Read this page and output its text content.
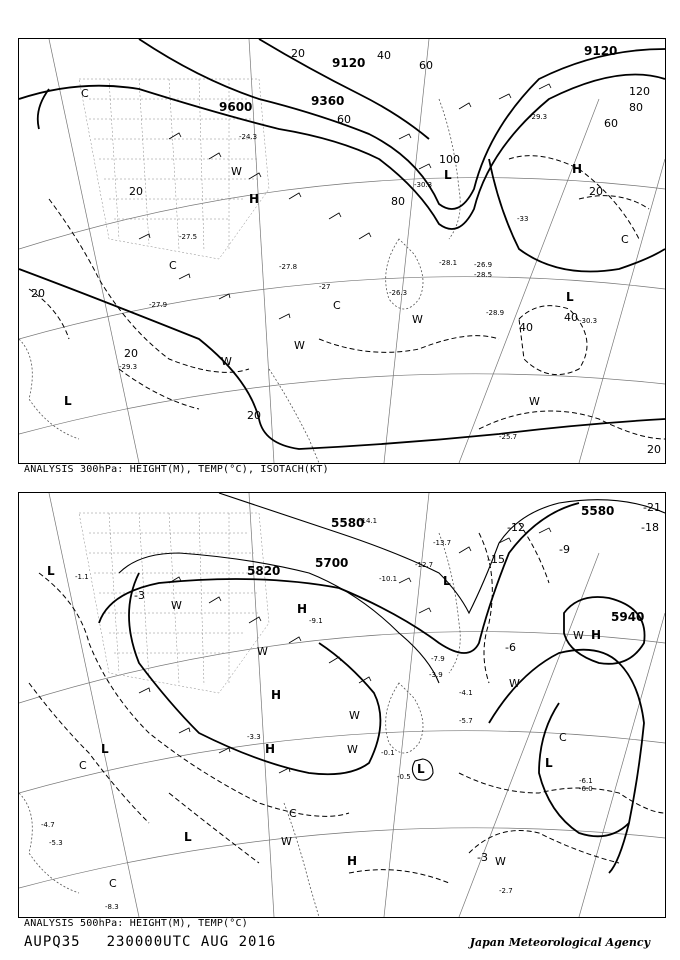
9120
9600	9360
9120
20
20
20
20
20
20
20
40
40
40
60
60
80
100
120
80
60
H
H
L
L
L
C
C
C
C
W
W
W
W
W
-26.9
-27
-24.3
-29.3
-28.5
-25.7
-28.9
-30.3
-33
-30.3
-27.9
-27.5
-29.3
-28.1
-26.3
-27.8
ANALYSIS 300hPa: HEIGHT(M), TEMP(°C), ISOTACH(KT)
5820
5700
5580
5580
5940
-3
-3
-6
-12	-18
-21
-9
-15
L
L
L
L
L	L
H
H
H
H
H
C
C
C
C
W
W
W
W
W
W
W
W	-5.7
-4.1
-0.5
-0.1
-6.1
-2.7
-4.7
-8.3
-3.9
-1.1
-5.3
-6.0
-12.7
-10.1
-14.1
-7.9
-9.1
-13.7
-3.3
ANALYSIS 500hPa: HEIGHT(M), TEMP(°C)
AUPQ35 230000UTC AUG 2016	Japan Meteorological Agency
